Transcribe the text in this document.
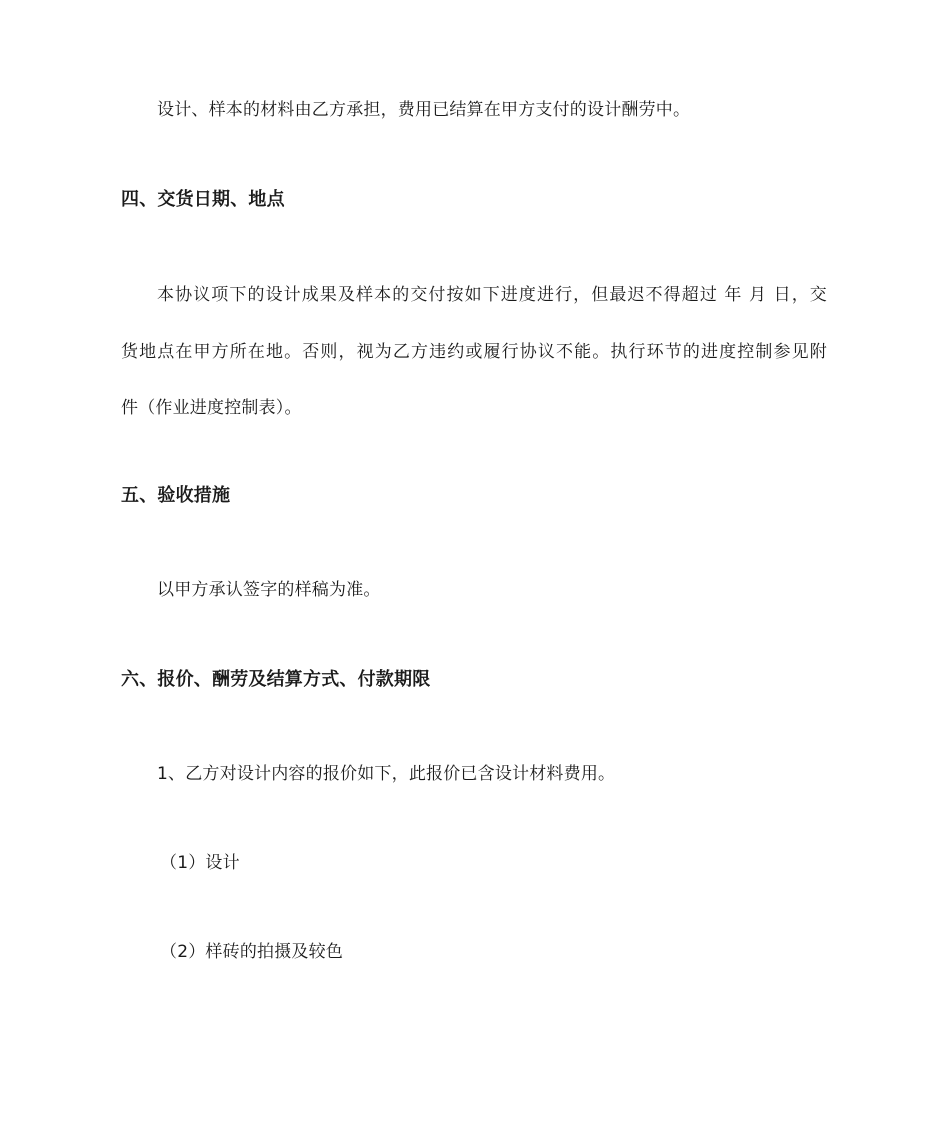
设计、样本的材料由乙方承担，费用已结算在甲方支付的设计酬劳中。
四、交货日期、地点
本协议项下的设计成果及样本的交付按如下进度进行，但最迟不得超过 年 月 日，交
货地点在甲方所在地。否则，视为乙方违约或履行协议不能。执行环节的进度控制参见附
件（作业进度控制表）。
五、验收措施
以甲方承认签字的样稿为准。
六、报价、酬劳及结算方式、付款期限
1、乙方对设计内容的报价如下，此报价已含设计材料费用。
（1）设计
（2）样砖的拍摄及较色
